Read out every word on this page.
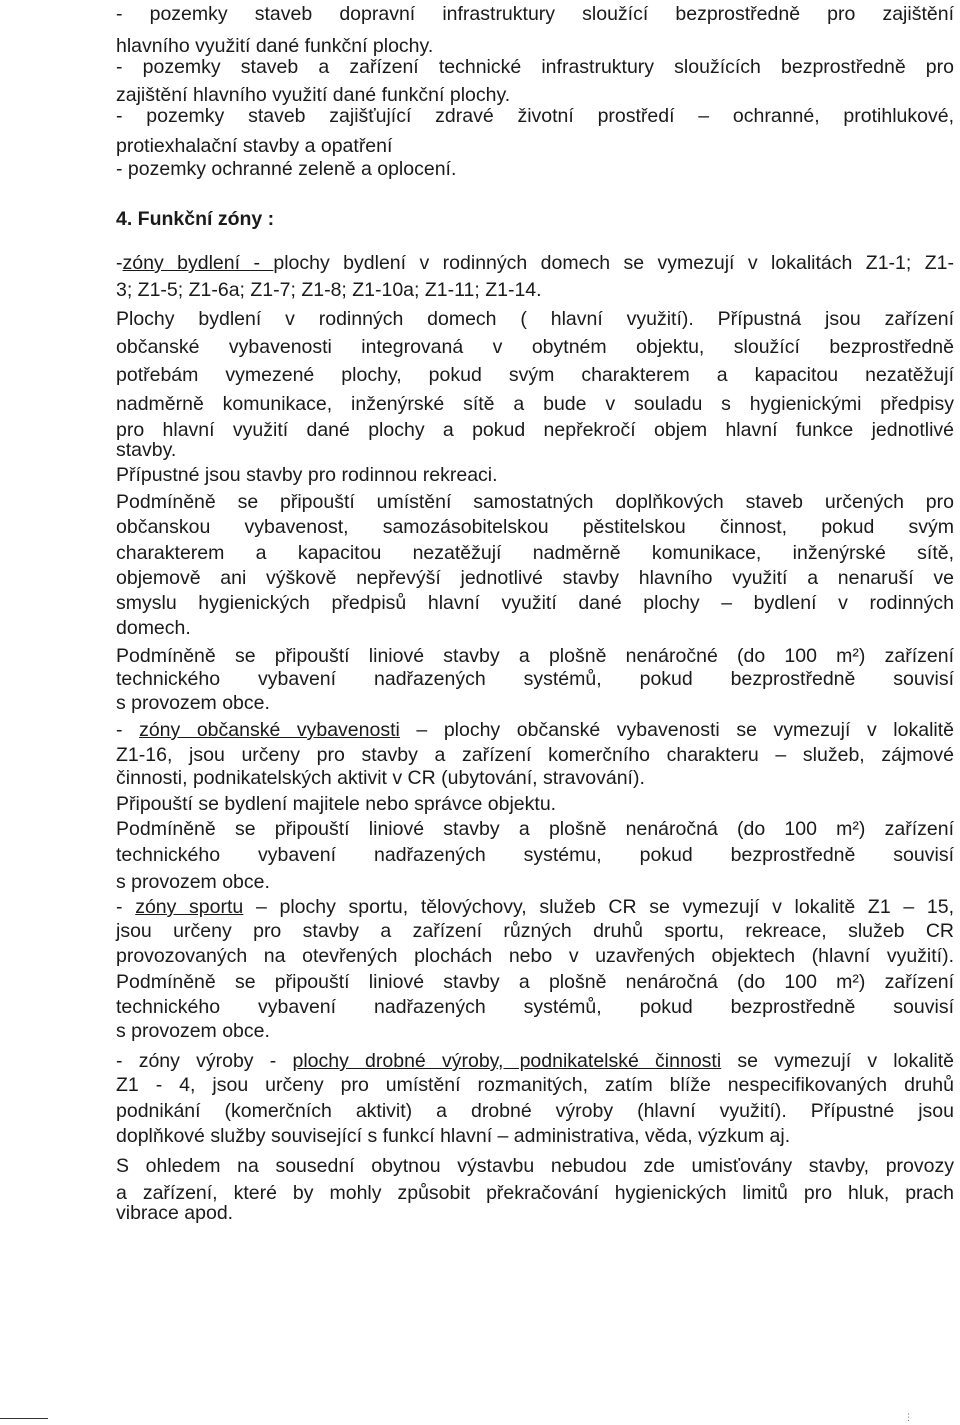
- pozemky staveb dopravní infrastruktury sloužící bezprostředně pro zajištění
hlavního využití dané funkční plochy.
- pozemky staveb a zařízení technické infrastruktury sloužících bezprostředně pro
zajištění hlavního využití dané funkční plochy.
- pozemky staveb zajišťující zdravé životní prostředí – ochranné, protihlukové,
protiexhalační stavby a opatření
- pozemky ochranné zeleně a oplocení.
4. Funkční zóny :
-zóny bydlení - plochy bydlení v rodinných domech se vymezují v lokalitách Z1-1; Z1-
3; Z1-5; Z1-6a; Z1-7; Z1-8; Z1-10a; Z1-11; Z1-14.
Plochy bydlení v rodinných domech ( hlavní využití). Přípustná jsou zařízení
občanské vybavenosti integrovaná v obytném objektu, sloužící bezprostředně
potřebám vymezené plochy, pokud svým charakterem a kapacitou nezatěžují
nadměrně komunikace, inženýrské sítě a bude v souladu s hygienickými předpisy
pro hlavní využití dané plochy a pokud nepřekročí objem hlavní funkce jednotlivé
stavby.
Přípustné jsou stavby pro rodinnou rekreaci.
Podmíněně se připouští umístění samostatných doplňkových staveb určených pro
občanskou vybavenost, samozásobitelskou pěstitelskou činnost, pokud svým
charakterem a kapacitou nezatěžují nadměrně komunikace, inženýrské sítě,
objemově ani výškově nepřevýší jednotlivé stavby hlavního využití a nenaruší ve
smyslu hygienických předpisů hlavní využití dané plochy – bydlení v rodinných
domech.
Podmíněně se připouští liniové stavby a plošně nenáročné (do 100 m²) zařízení
technického vybavení nadřazených systémů, pokud bezprostředně souvisí
s provozem obce.
- zóny občanské vybavenosti – plochy občanské vybavenosti se vymezují v lokalitě
Z1-16, jsou určeny pro stavby a zařízení komerčního charakteru – služeb, zájmové
činnosti, podnikatelských aktivit v CR (ubytování, stravování).
Připouští se bydlení majitele nebo správce objektu.
Podmíněně se připouští liniové stavby a plošně nenáročná (do 100 m²) zařízení
technického vybavení nadřazených systému, pokud bezprostředně souvisí
s provozem obce.
- zóny sportu – plochy sportu, tělovýchovy, služeb CR se vymezují v lokalitě Z1 – 15,
jsou určeny pro stavby a zařízení různých druhů sportu, rekreace, služeb CR
provozovaných na otevřených plochách nebo v uzavřených objektech (hlavní využití).
Podmíněně se připouští liniové stavby a plošně nenáročná (do 100 m²) zařízení
technického vybavení nadřazených systémů, pokud bezprostředně souvisí
s provozem obce.
- zóny výroby - plochy drobné výroby, podnikatelské činnosti se vymezují v lokalitě
Z1 - 4, jsou určeny pro umístění rozmanitých, zatím blíže nespecifikovaných druhů
podnikání (komerčních aktivit) a drobné výroby (hlavní využití). Přípustné jsou
doplňkové služby související s funkcí hlavní – administrativa, věda, výzkum aj.
S ohledem na sousední obytnou výstavbu nebudou zde umisťovány stavby, provozy
a zařízení, které by mohly způsobit překračování hygienických limitů pro hluk, prach
vibrace apod.
⋮
